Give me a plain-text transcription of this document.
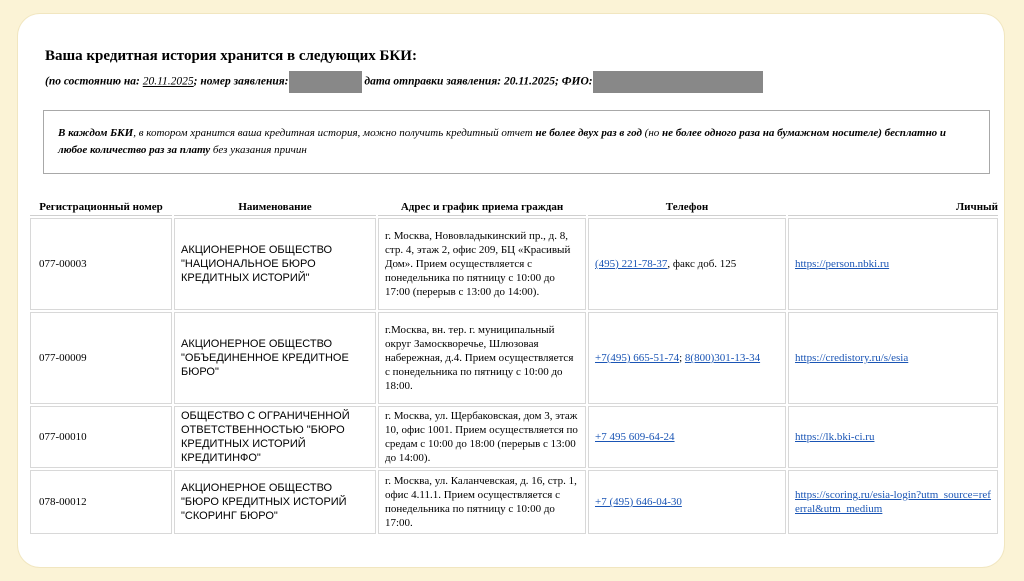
Ваша кредитная история хранится в следующих БКИ:
(по состоянию на: 20.11.2025; номер заявления:	дата отправки заявления: 20.11.2025; ФИО:
В каждом БКИ, в котором хранится ваша кредитная история, можно получить кредитный отчет не более двух раз в год (но не более одного раза на бумажном носителе) бесплатно и любое количество раз за плату без указания причин
Регистрационный номер	Наименование	Адрес и график приема граждан	Телефон	Личный
077-00003	АКЦИОНЕРНОЕ ОБЩЕСТВО "НАЦИОНАЛЬНОЕ БЮРО КРЕДИТНЫХ ИСТОРИЙ"	г. Москва, Нововладыкинский пр., д. 8, стр. 4, этаж 2, офис 209, БЦ «Красивый Дом». Прием осуществляется с понедельника по пятницу с 10:00 до 17:00 (перерыв с 13:00 до 14:00).	(495) 221-78-37, факс доб. 125	https://person.nbki.ru
077-00009	АКЦИОНЕРНОЕ ОБЩЕСТВО "ОБЪЕДИНЕННОЕ КРЕДИТНОЕ БЮРО"	г.Москва, вн. тер. г. муниципальный округ Замоскворечье, Шлюзовая набережная, д.4. Прием осуществляется с понедельника по пятницу с 10:00 до 18:00.	+7(495) 665-51-74; 8(800)301-13-34	https://credistory.ru/s/esia
077-00010	ОБЩЕСТВО С ОГРАНИЧЕННОЙ ОТВЕТСТВЕННОСТЬЮ "БЮРО КРЕДИТНЫХ ИСТОРИЙ КРЕДИТИНФО"	г. Москва, ул. Щербаковская, дом 3, этаж 10, офис 1001. Прием осуществляется по средам с 10:00 до 18:00 (перерыв с 13:00 до 14:00).	+7 495 609-64-24	https://lk.bki-ci.ru
078-00012	АКЦИОНЕРНОЕ ОБЩЕСТВО "БЮРО КРЕДИТНЫХ ИСТОРИЙ "СКОРИНГ БЮРО"	г. Москва, ул. Каланчевская, д. 16, стр. 1, офис 4.11.1. Прием осуществляется с понедельника по пятницу с 10:00 до 17:00.	+7 (495) 646-04-30	https://scoring.ru/esia-login?utm_source=referral&utm_medium
